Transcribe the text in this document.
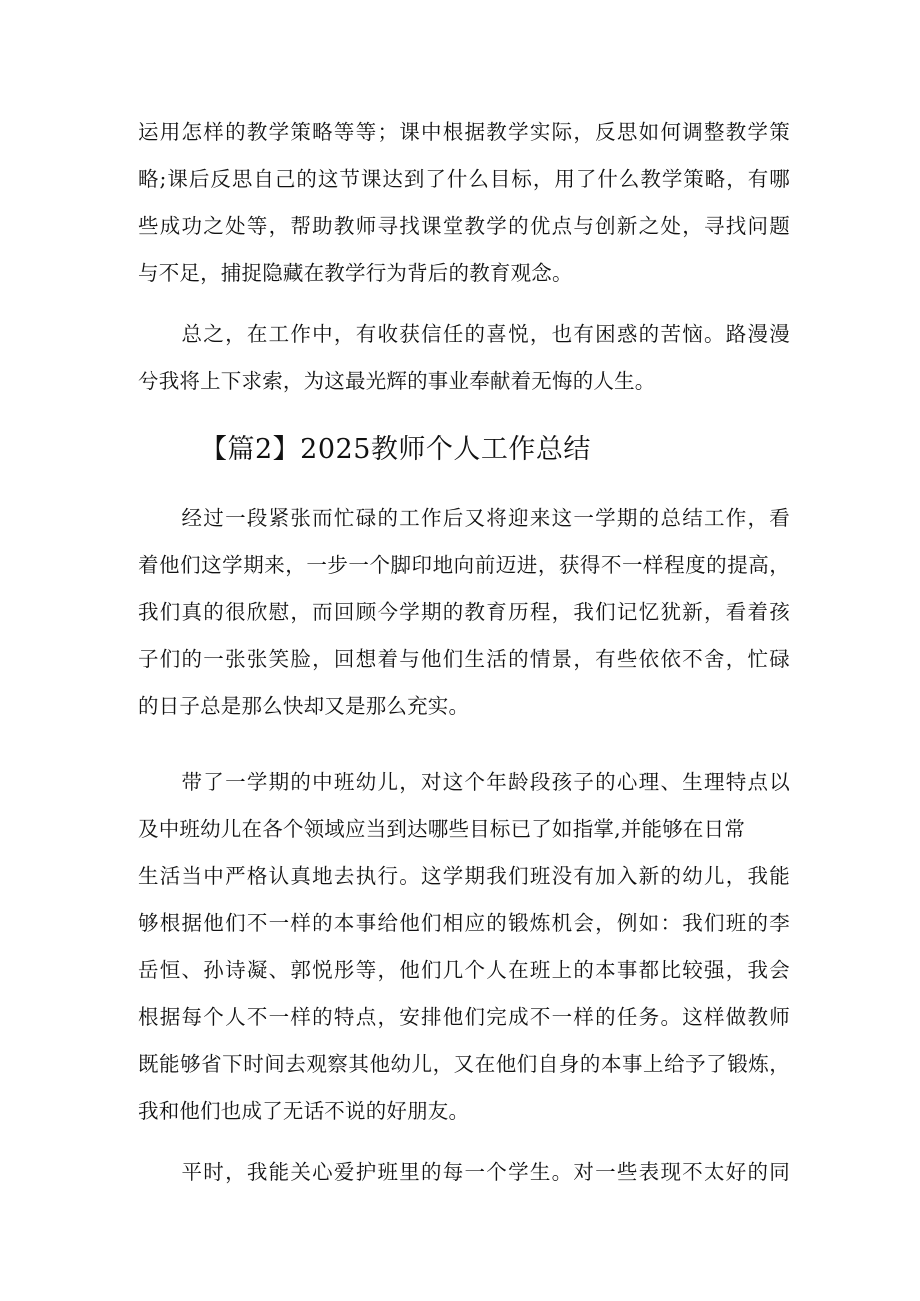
运用怎样的教学策略等等；课中根据教学实际，反思如何调整教学策
略;课后反思自己的这节课达到了什么目标，用了什么教学策略，有哪
些成功之处等，帮助教师寻找课堂教学的优点与创新之处，寻找问题
与不足，捕捉隐藏在教学行为背后的教育观念。
　　总之，在工作中，有收获信任的喜悦，也有困惑的苦恼。路漫漫
兮我将上下求索，为这最光辉的事业奉献着无悔的人生。
【篇2】2025教师个人工作总结
　　经过一段紧张而忙碌的工作后又将迎来这一学期的总结工作，看
着他们这学期来，一步一个脚印地向前迈进，获得不一样程度的提高，
我们真的很欣慰，而回顾今学期的教育历程，我们记忆犹新，看着孩
子们的一张张笑脸，回想着与他们生活的情景，有些依依不舍，忙碌
的日子总是那么快却又是那么充实。
　　带了一学期的中班幼儿，对这个年龄段孩子的心理、生理特点以
及中班幼儿在各个领域应当到达哪些目标已了如指掌,并能够在日常
生活当中严格认真地去执行。这学期我们班没有加入新的幼儿，我能
够根据他们不一样的本事给他们相应的锻炼机会，例如：我们班的李
岳恒、孙诗凝、郭悦彤等，他们几个人在班上的本事都比较强，我会
根据每个人不一样的特点，安排他们完成不一样的任务。这样做教师
既能够省下时间去观察其他幼儿，又在他们自身的本事上给予了锻炼，
我和他们也成了无话不说的好朋友。
　　平时，我能关心爱护班里的每一个学生。对一些表现不太好的同
